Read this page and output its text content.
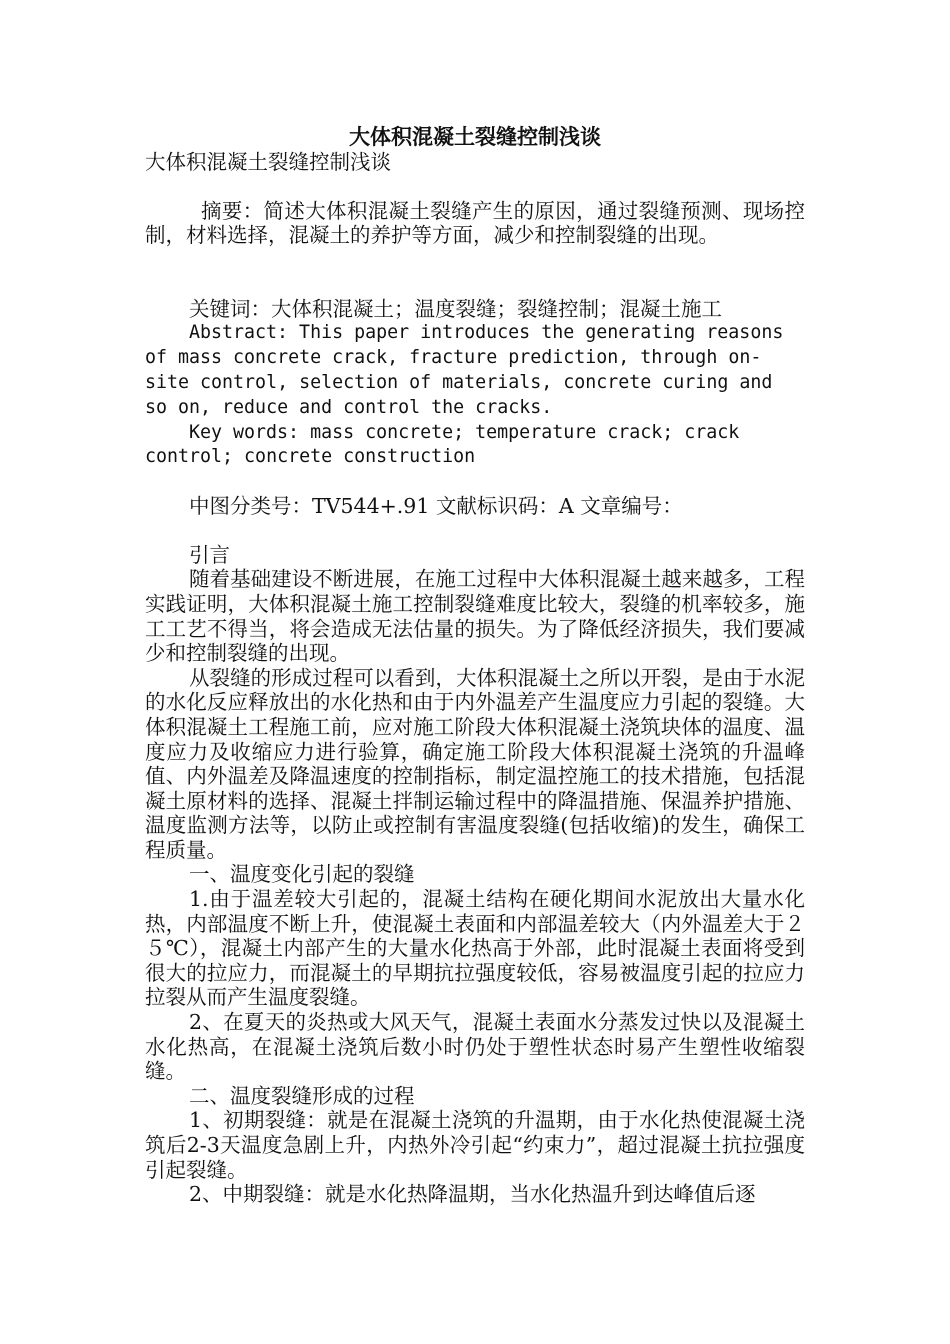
大体积混凝土裂缝控制浅谈

大体积混凝土裂缝控制浅谈

摘要：简述大体积混凝土裂缝产生的原因，通过裂缝预测、现场控制，材料选择，混凝土的养护等方面，减少和控制裂缝的出现。

关键词：大体积混凝土；温度裂缝；裂缝控制；混凝土施工

Abstract: This paper introduces the generating reasons of mass concrete crack, fracture prediction, through on-site control, selection of materials, concrete curing and so on, reduce and control the cracks.

Key words: mass concrete; temperature crack; crack control; concrete construction

中图分类号：TV544+.91 文献标识码：A 文章编号：

引言

随着基础建设不断进展，在施工过程中大体积混凝土越来越多，工程实践证明，大体积混凝土施工控制裂缝难度比较大，裂缝的机率较多，施工工艺不得当，将会造成无法估量的损失。为了降低经济损失，我们要减少和控制裂缝的出现。

从裂缝的形成过程可以看到，大体积混凝土之所以开裂，是由于水泥的水化反应释放出的水化热和由于内外温差产生温度应力引起的裂缝。大体积混凝土工程施工前，应对施工阶段大体积混凝土浇筑块体的温度、温度应力及收缩应力进行验算，确定施工阶段大体积混凝土浇筑的升温峰值、内外温差及降温速度的控制指标，制定温控施工的技术措施，包括混凝土原材料的选择、混凝土拌制运输过程中的降温措施、保温养护措施、温度监测方法等，以防止或控制有害温度裂缝(包括收缩)的发生，确保工程质量。

一、温度变化引起的裂缝

1.由于温差较大引起的，混凝土结构在硬化期间水泥放出大量水化热，内部温度不断上升，使混凝土表面和内部温差较大（内外温差大于２５℃），混凝土内部产生的大量水化热高于外部，此时混凝土表面将受到很大的拉应力，而混凝土的早期抗拉强度较低，容易被温度引起的拉应力拉裂从而产生温度裂缝。

2、在夏天的炎热或大风天气，混凝土表面水分蒸发过快以及混凝土水化热高，在混凝土浇筑后数小时仍处于塑性状态时易产生塑性收缩裂缝。

二、温度裂缝形成的过程

1、初期裂缝：就是在混凝土浇筑的升温期，由于水化热使混凝土浇筑后2-3天温度急剧上升，内热外冷引起“约束力”，超过混凝土抗拉强度引起裂缝。

2、中期裂缝：就是水化热降温期，当水化热温升到达峰值后逐
